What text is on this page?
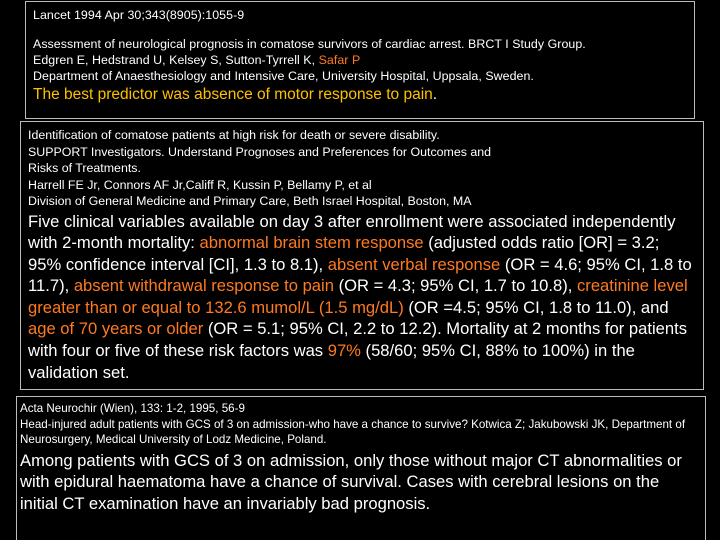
Lancet 1994 Apr 30;343(8905):1055-9
Assessment of neurological prognosis in comatose survivors of cardiac arrest. BRCT I Study Group.
Edgren E, Hedstrand U, Kelsey S, Sutton-Tyrrell K, Safar P
Department of Anaesthesiology and Intensive Care, University Hospital, Uppsala, Sweden.
The best predictor was absence of motor response to pain.
Identification of comatose patients at high risk for death or severe disability.
SUPPORT Investigators. Understand Prognoses and Preferences for Outcomes and
Risks of Treatments.
Harrell FE Jr, Connors AF Jr,Califf R, Kussin P, Bellamy P, et al
Division of General Medicine and Primary Care, Beth Israel Hospital, Boston, MA
Five clinical variables available on day 3 after enrollment were associated independently with 2-month mortality: abnormal brain stem response (adjusted odds ratio [OR] = 3.2; 95% confidence interval [CI], 1.3 to 8.1), absent verbal response (OR = 4.6; 95% CI, 1.8 to 11.7), absent withdrawal response to pain (OR = 4.3; 95% CI, 1.7 to 10.8), creatinine level greater than or equal to 132.6 mumol/L (1.5 mg/dL) (OR =4.5; 95% CI, 1.8 to 11.0), and age of 70 years or older (OR = 5.1; 95% CI, 2.2 to 12.2). Mortality at 2 months for patients with four or five of these risk factors was 97% (58/60; 95% CI, 88% to 100%) in the validation set.
Acta Neurochir (Wien), 133: 1-2, 1995, 56-9
Head-injured adult patients with GCS of 3 on admission-who have a chance to survive? Kotwica Z; Jakubowski JK, Department of Neurosurgery, Medical University of Lodz Medicine, Poland.
Among patients with GCS of 3 on admission, only those without major CT abnormalities or with epidural haematoma have a chance of survival. Cases with cerebral lesions on the initial CT examination have an invariably bad prognosis.
